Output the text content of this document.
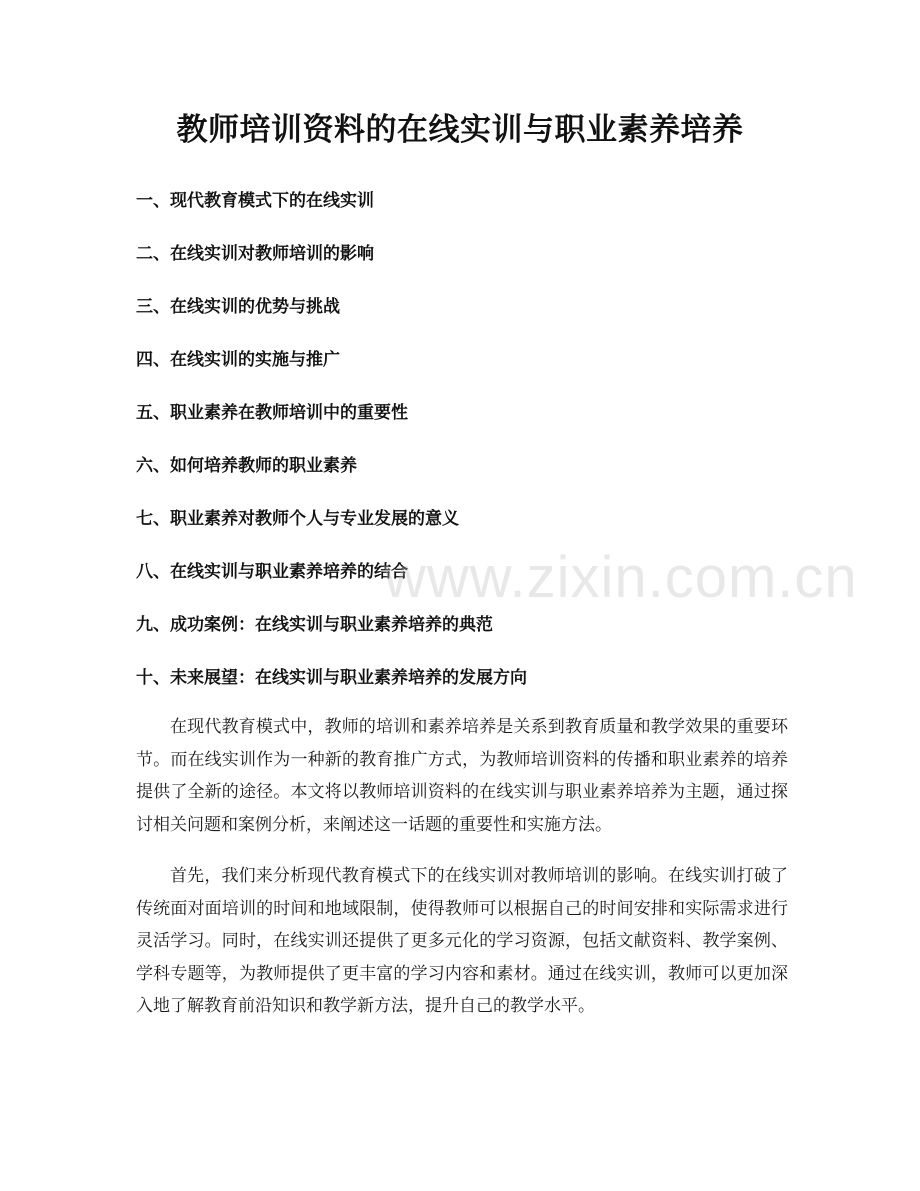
教师培训资料的在线实训与职业素养培养
一、现代教育模式下的在线实训
二、在线实训对教师培训的影响
三、在线实训的优势与挑战
四、在线实训的实施与推广
五、职业素养在教师培训中的重要性
六、如何培养教师的职业素养
七、职业素养对教师个人与专业发展的意义
八、在线实训与职业素养培养的结合
九、成功案例：在线实训与职业素养培养的典范
十、未来展望：在线实训与职业素养培养的发展方向

在现代教育模式中，教师的培训和素养培养是关系到教育质量和教学效果的重要环节。而在线实训作为一种新的教育推广方式，为教师培训资料的传播和职业素养的培养提供了全新的途径。本文将以教师培训资料的在线实训与职业素养培养为主题，通过探讨相关问题和案例分析，来阐述这一话题的重要性和实施方法。

首先，我们来分析现代教育模式下的在线实训对教师培训的影响。在线实训打破了传统面对面培训的时间和地域限制，使得教师可以根据自己的时间安排和实际需求进行灵活学习。同时，在线实训还提供了更多元化的学习资源，包括文献资料、教学案例、学科专题等，为教师提供了更丰富的学习内容和素材。通过在线实训，教师可以更加深入地了解教育前沿知识和教学新方法，提升自己的教学水平。

www.zixin.com.cn
